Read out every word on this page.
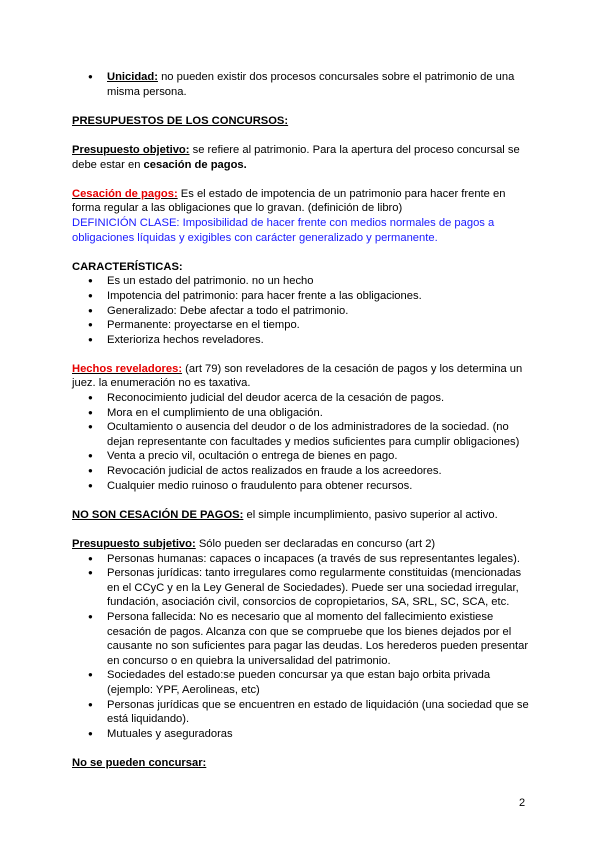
● Unicidad: no pueden existir dos procesos concursales sobre el patrimonio de una misma persona.

PRESUPUESTOS DE LOS CONCURSOS:

Presupuesto objetivo: se refiere al patrimonio. Para la apertura del proceso concursal se debe estar en cesación de pagos.

Cesación de pagos: Es el estado de impotencia de un patrimonio para hacer frente en forma regular a las obligaciones que lo gravan. (definición de libro)

DEFINICIÓN CLASE: Imposibilidad de hacer frente con medios normales de pagos a obligaciones líquidas y exigibles con carácter generalizado y permanente.

CARACTERÍSTICAS:

● Es un estado del patrimonio. no un hecho
● Impotencia del patrimonio: para hacer frente a las obligaciones.
● Generalizado: Debe afectar a todo el patrimonio.
● Permanente: proyectarse en el tiempo.
● Exterioriza hechos reveladores.

Hechos reveladores: (art 79) son reveladores de la cesación de pagos y los determina un juez. la enumeración no es taxativa.

● Reconocimiento judicial del deudor acerca de la cesación de pagos.
● Mora en el cumplimiento de una obligación.
● Ocultamiento o ausencia del deudor o de los administradores de la sociedad. (no dejan representante con facultades y medios suficientes para cumplir obligaciones)
● Venta a precio vil, ocultación o entrega de bienes en pago.
● Revocación judicial de actos realizados en fraude a los acreedores.
● Cualquier medio ruinoso o fraudulento para obtener recursos.

NO SON CESACIÓN DE PAGOS: el simple incumplimiento, pasivo superior al activo.

Presupuesto subjetivo: Sólo pueden ser declaradas en concurso (art 2)

● Personas humanas: capaces o incapaces (a través de sus representantes legales).
● Personas jurídicas: tanto irregulares como regularmente constituidas (mencionadas en el CCyC y en la Ley General de Sociedades). Puede ser una sociedad irregular, fundación, asociación civil, consorcios de copropietarios, SA, SRL, SC, SCA, etc.
● Persona fallecida: No es necesario que al momento del fallecimiento existiese cesación de pagos. Alcanza con que se compruebe que los bienes dejados por el causante no son suficientes para pagar las deudas. Los herederos pueden presentar en concurso o en quiebra la universalidad del patrimonio.
● Sociedades del estado:se pueden concursar ya que estan bajo orbita privada (ejemplo: YPF, Aerolineas, etc)
● Personas jurídicas que se encuentren en estado de liquidación (una sociedad que se está liquidando).
● Mutuales y aseguradoras

No se pueden concursar:

2
